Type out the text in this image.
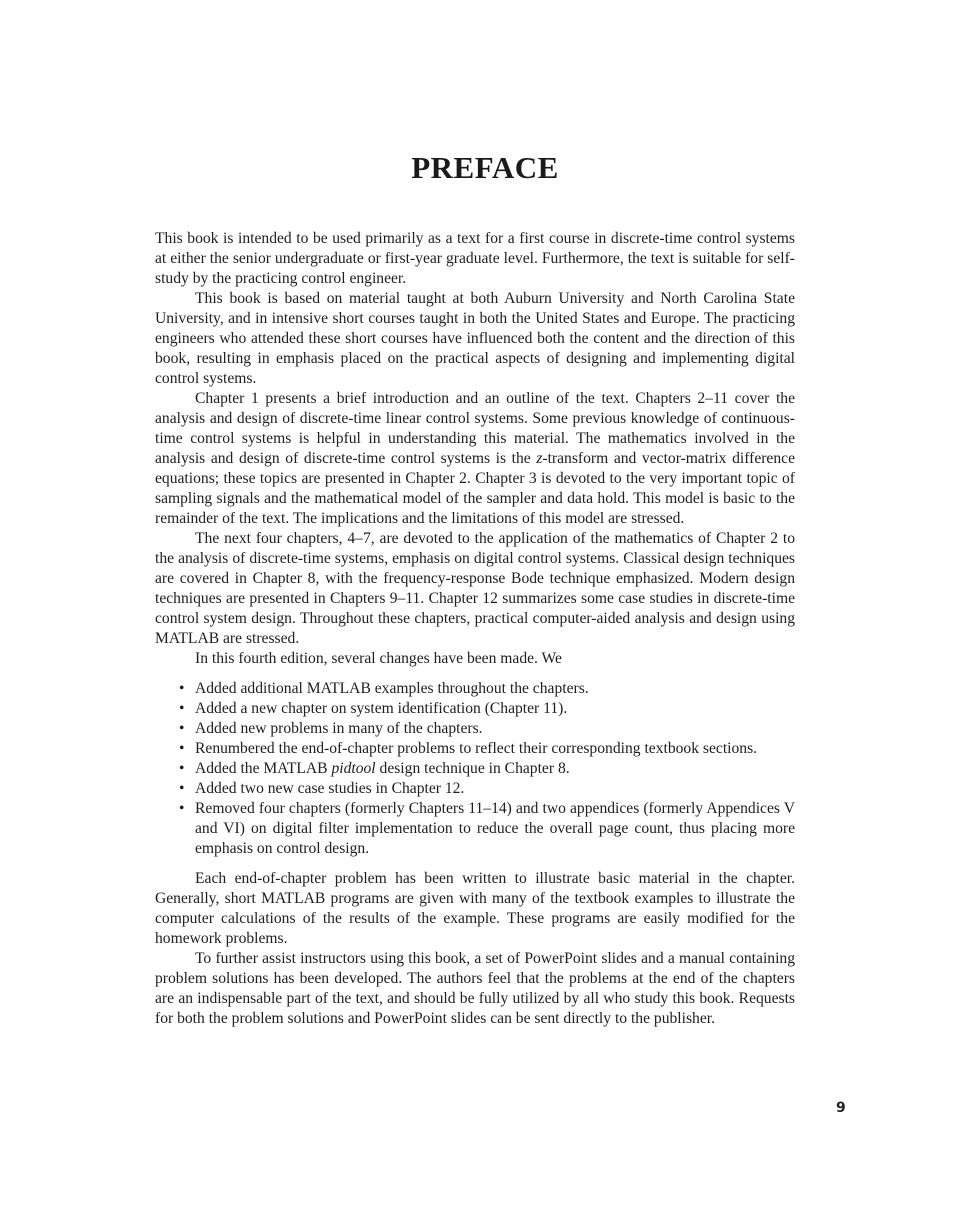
PREFACE

This book is intended to be used primarily as a text for a first course in discrete-time control systems at either the senior undergraduate or first-year graduate level. Furthermore, the text is suitable for self-study by the practicing control engineer.

This book is based on material taught at both Auburn University and North Carolina State University, and in intensive short courses taught in both the United States and Europe. The practicing engineers who attended these short courses have influenced both the content and the direction of this book, resulting in emphasis placed on the practical aspects of designing and implementing digital control systems.

Chapter 1 presents a brief introduction and an outline of the text. Chapters 2–11 cover the analysis and design of discrete-time linear control systems. Some previous knowledge of continuous-time control systems is helpful in understanding this material. The mathematics involved in the analysis and design of discrete-time control systems is the z-transform and vector-matrix difference equations; these topics are presented in Chapter 2. Chapter 3 is devoted to the very important topic of sampling signals and the mathematical model of the sampler and data hold. This model is basic to the remainder of the text. The implications and the limitations of this model are stressed.

The next four chapters, 4–7, are devoted to the application of the mathematics of Chapter 2 to the analysis of discrete-time systems, emphasis on digital control systems. Classical design techniques are covered in Chapter 8, with the frequency-response Bode technique emphasized. Modern design techniques are presented in Chapters 9–11. Chapter 12 summarizes some case studies in discrete-time control system design. Throughout these chapters, practical computer-aided analysis and design using MATLAB are stressed.

In this fourth edition, several changes have been made. We

• Added additional MATLAB examples throughout the chapters.
• Added a new chapter on system identification (Chapter 11).
• Added new problems in many of the chapters.
• Renumbered the end-of-chapter problems to reflect their corresponding textbook sections.
• Added the MATLAB pidtool design technique in Chapter 8.
• Added two new case studies in Chapter 12.
• Removed four chapters (formerly Chapters 11–14) and two appendices (formerly Appendices V and VI) on digital filter implementation to reduce the overall page count, thus placing more emphasis on control design.

Each end-of-chapter problem has been written to illustrate basic material in the chapter. Generally, short MATLAB programs are given with many of the textbook examples to illustrate the computer calculations of the results of the example. These programs are easily modified for the homework problems.

To further assist instructors using this book, a set of PowerPoint slides and a manual containing problem solutions has been developed. The authors feel that the problems at the end of the chapters are an indispensable part of the text, and should be fully utilized by all who study this book. Requests for both the problem solutions and PowerPoint slides can be sent directly to the publisher.

9
